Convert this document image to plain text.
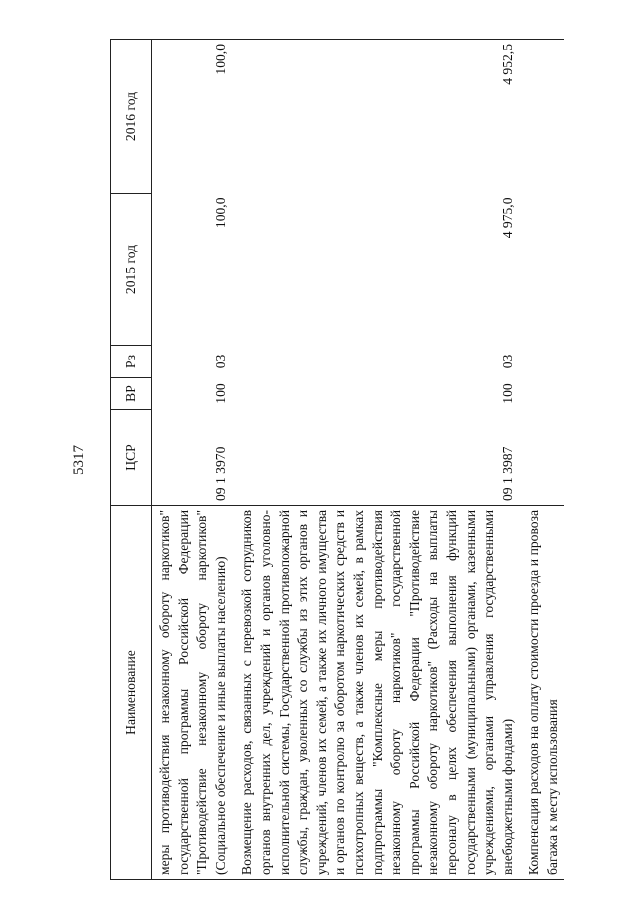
5317
Наименование	ЦСР	ВР	Рз	2015 год	2016 год
меры противодействия незаконному обороту наркотиков" государственной программы Российской Федерации "Противодействие незаконному обороту наркотиков" (Социальное обеспечение и иные выплаты населению)	09 1 3970	100	03	100,0	100,0
Возмещение расходов, связанных с перевозкой сотрудников органов внутренних дел, учреждений и органов уголовно-исполнительной системы, Государственной противопожарной службы, граждан, уволенных со службы из этих органов и учреждений, членов их семей, а также их личного имущества и органов по контролю за оборотом наркотических средств и психотропных веществ, а также членов их семей, в рамках подпрограммы "Комплексные меры противодействия незаконному обороту наркотиков" государственной программы Российской Федерации "Противодействие незаконному обороту наркотиков" (Расходы на выплаты персоналу в целях обеспечения выполнения функций государственными (муниципальными) органами, казенными учреждениями, органами управления государственными внебюджетными фондами)	09 1 3987	100	03	4 975,0	4 952,5
Компенсация расходов на оплату стоимости проезда и провоза багажа к месту использования					
